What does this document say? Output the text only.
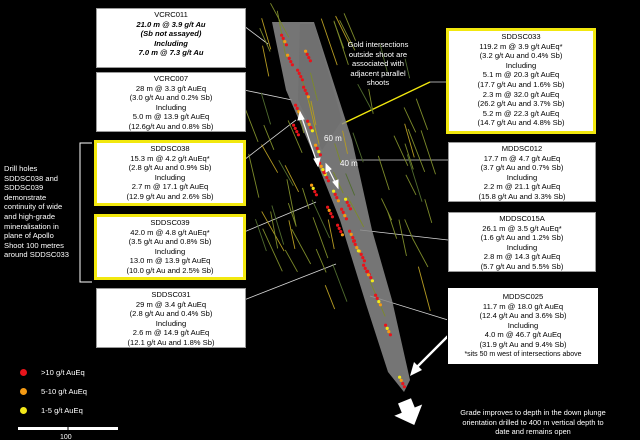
60 m
40 m
100
VCRC011
21.0 m @ 3.9 g/t Au
(Sb not assayed)
Including
7.0 m @ 7.3 g/t Au
VCRC007
28 m @ 3.3 g/t AuEq
(3.0 g/t Au and 0.2% Sb)
Including
5.0 m @ 13.9 g/t AuEq
(12.6g/t Au and 0.8% Sb)
SDDSC038
15.3 m @ 4.2 g/t AuEq*
(2.8 g/t Au and 0.9% Sb)
Including
2.7 m @ 17.1 g/t AuEq
(12.9 g/t Au and 2.6% Sb)
SDDSC039
42.0 m @ 4.8 g/t AuEq*
(3.5 g/t Au and 0.8% Sb)
Including
13.0 m @ 13.9 g/t AuEq
(10.0 g/t Au and 2.5% Sb)
SDDSC031
29 m @ 3.4 g/t AuEq
(2.8 g/t Au and 0.4% Sb)
Including
2.6 m @ 14.9 g/t AuEq
(12.1 g/t Au and 1.8% Sb)
SDDSC033
119.2 m @ 3.9 g/t AuEq*
(3.2 g/t Au and 0.4% Sb)
Including
5.1 m @ 20.3 g/t AuEq
(17.7 g/t Au and 1.6% Sb)
2.3 m @ 32.0 g/t AuEq
(26.2 g/t Au and 3.7% Sb)
5.2 m @ 22.3 g/t AuEq
(14.7 g/t Au and 4.8% Sb)
MDDSC012
17.7 m @ 4.7 g/t AuEq
(3.7 g/t Au and 0.7% Sb)
Including
2.2 m @ 21.1 g/t AuEq
(15.8 g/t Au and 3.3% Sb)
MDDSC015A
26.1 m @ 3.5 g/t AuEq*
(1.6 g/t Au and 1.2% Sb)
Including
2.8 m @ 14.3 g/t AuEq
(5.7 g/t Au and 5.5% Sb)
MDDSC025
11.7 m @ 18.0 g/t AuEq
(12.4 g/t Au and 3.6% Sb)
Including
4.0 m @ 46.7 g/t AuEq
(31.9 g/t Au and 9.4% Sb)
*sits 50 m west of intersections above
Drill holes
SDDSC038 and
SDDSC039
demonstrate
continuity of wide
and high-grade
mineralisation in
plane of Apollo
Shoot 100 metres
around SDDSC033
Gold intersections
outside shoot are
associated with
adjacent parallel
shoots
Grade improves to depth in the down plunge
orientation drilled to 400 m vertical depth to
date and remains open
>10 g/t AuEq
5-10 g/t AuEq
1-5 g/t AuEq
